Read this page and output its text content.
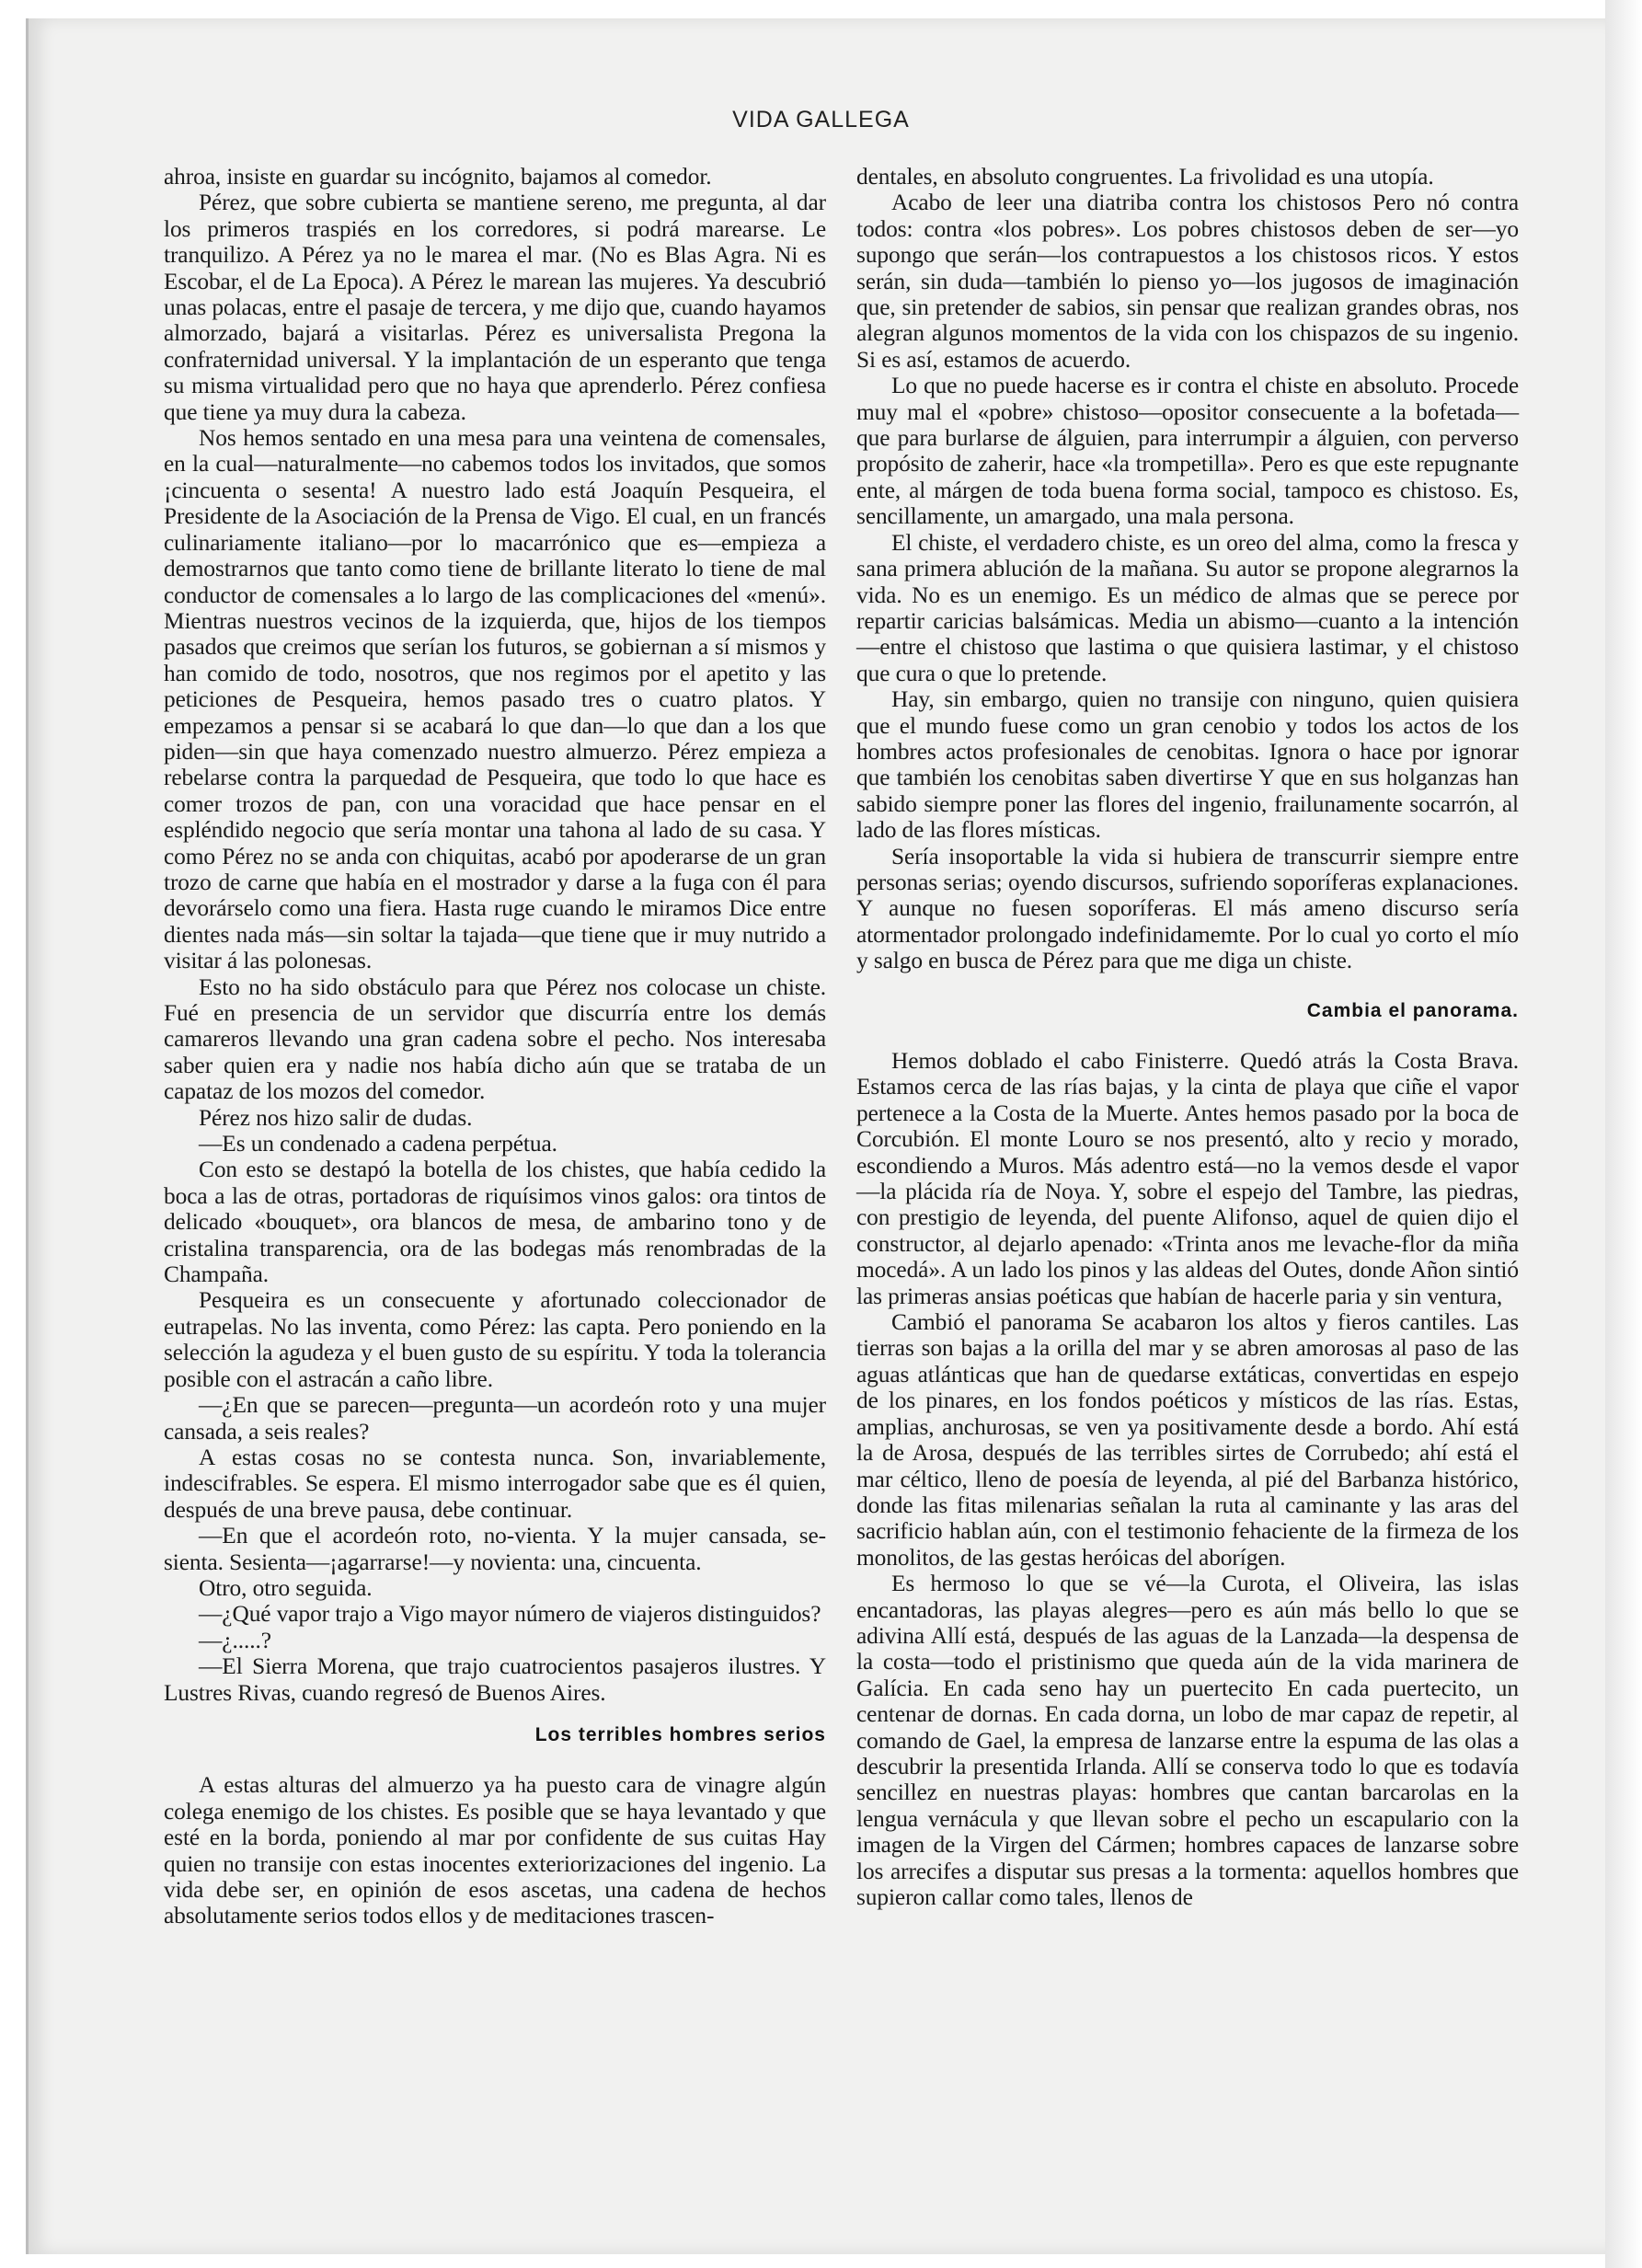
VIDA GALLEGA

ahroa, insiste en guardar su incógnito, bajamos al comedor.

Pérez, que sobre cubierta se mantiene sereno, me pregunta, al dar los primeros traspiés en los corredores, si podrá marearse. Le tranquilizo. A Pérez ya no le marea el mar. (No es Blas Agra. Ni es Escobar, el de La Epoca). A Pérez le marean las mujeres. Ya descubrió unas polacas, entre el pasaje de tercera, y me dijo que, cuando hayamos almorzado, bajará a visitarlas. Pérez es universalista Pregona la confraternidad universal. Y la implantación de un esperanto que tenga su misma virtualidad pero que no haya que aprenderlo. Pérez confiesa que tiene ya muy dura la cabeza.

Nos hemos sentado en una mesa para una veintena de comensales, en la cual—naturalmente—no cabemos todos los invitados, que somos ¡cincuenta o sesenta! A nuestro lado está Joaquín Pesqueira, el Presidente de la Asociación de la Prensa de Vigo. El cual, en un francés culinariamente italiano—por lo macarrónico que es—empieza a demostrarnos que tanto como tiene de brillante literato lo tiene de mal conductor de comensales a lo largo de las complicaciones del «menú». Mientras nuestros vecinos de la izquierda, que, hijos de los tiempos pasados que creimos que serían los futuros, se gobiernan a sí mismos y han comido de todo, nosotros, que nos regimos por el apetito y las peticiones de Pesqueira, hemos pasado tres o cuatro platos. Y empezamos a pensar si se acabará lo que dan—lo que dan a los que piden—sin que haya comenzado nuestro almuerzo. Pérez empieza a rebelarse contra la parquedad de Pesqueira, que todo lo que hace es comer trozos de pan, con una voracidad que hace pensar en el espléndido negocio que sería montar una tahona al lado de su casa. Y como Pérez no se anda con chiquitas, acabó por apoderarse de un gran trozo de carne que había en el mostrador y darse a la fuga con él para devorárselo como una fiera. Hasta ruge cuando le miramos Dice entre dientes nada más—sin soltar la tajada—que tiene que ir muy nutrido a visitar á las polonesas.

Esto no ha sido obstáculo para que Pérez nos colocase un chiste. Fué en presencia de un servidor que discurría entre los demás camareros llevando una gran cadena sobre el pecho. Nos interesaba saber quien era y nadie nos había dicho aún que se trataba de un capataz de los mozos del comedor.

Pérez nos hizo salir de dudas.

—Es un condenado a cadena perpétua.

Con esto se destapó la botella de los chistes, que había cedido la boca a las de otras, portadoras de riquísimos vinos galos: ora tintos de delicado «bouquet», ora blancos de mesa, de ambarino tono y de cristalina transparencia, ora de las bodegas más renombradas de la Champaña.

Pesqueira es un consecuente y afortunado coleccionador de eutrapelas. No las inventa, como Pérez: las capta. Pero poniendo en la selección la agudeza y el buen gusto de su espíritu. Y toda la tolerancia posible con el astracán a caño libre.

—¿En que se parecen—pregunta—un acordeón roto y una mujer cansada, a seis reales?

A estas cosas no se contesta nunca. Son, invariablemente, indescifrables. Se espera. El mismo interrogador sabe que es él quien, después de una breve pausa, debe continuar.

—En que el acordeón roto, no-vienta. Y la mujer cansada, se-sienta. Sesienta—¡agarrarse!—y novienta: una, cincuenta.

Otro, otro seguida.

—¿Qué vapor trajo a Vigo mayor número de viajeros distinguidos?

—¿.....?

—El Sierra Morena, que trajo cuatrocientos pasajeros ilustres. Y Lustres Rivas, cuando regresó de Buenos Aires.

Los terribles hombres serios

A estas alturas del almuerzo ya ha puesto cara de vinagre algún colega enemigo de los chistes. Es posible que se haya levantado y que esté en la borda, poniendo al mar por confidente de sus cuitas Hay quien no transije con estas inocentes exteriorizaciones del ingenio. La vida debe ser, en opinión de esos ascetas, una cadena de hechos absolutamente serios todos ellos y de meditaciones trascen-

dentales, en absoluto congruentes. La frivolidad es una utopía.

Acabo de leer una diatriba contra los chistosos Pero nó contra todos: contra «los pobres». Los pobres chistosos deben de ser—yo supongo que serán—los contrapuestos a los chistosos ricos. Y estos serán, sin duda—también lo pienso yo—los jugosos de imaginación que, sin pretender de sabios, sin pensar que realizan grandes obras, nos alegran algunos momentos de la vida con los chispazos de su ingenio. Si es así, estamos de acuerdo.

Lo que no puede hacerse es ir contra el chiste en absoluto. Procede muy mal el «pobre» chistoso—opositor consecuente a la bofetada—que para burlarse de álguien, para interrumpir a álguien, con perverso propósito de zaherir, hace «la trompetilla». Pero es que este repugnante ente, al márgen de toda buena forma social, tampoco es chistoso. Es, sencillamente, un amargado, una mala persona.

El chiste, el verdadero chiste, es un oreo del alma, como la fresca y sana primera ablución de la mañana. Su autor se propone alegrarnos la vida. No es un enemigo. Es un médico de almas que se perece por repartir caricias balsámicas. Media un abismo—cuanto a la intención—entre el chistoso que lastima o que quisiera lastimar, y el chistoso que cura o que lo pretende.

Hay, sin embargo, quien no transije con ninguno, quien quisiera que el mundo fuese como un gran cenobio y todos los actos de los hombres actos profesionales de cenobitas. Ignora o hace por ignorar que también los cenobitas saben divertirse Y que en sus holganzas han sabido siempre poner las flores del ingenio, frailunamente socarrón, al lado de las flores místicas.

Sería insoportable la vida si hubiera de transcurrir siempre entre personas serias; oyendo discursos, sufriendo soporíferas explanaciones. Y aunque no fuesen soporíferas. El más ameno discurso sería atormentador prolongado indefinidamemte. Por lo cual yo corto el mío y salgo en busca de Pérez para que me diga un chiste.

Cambia el panorama.

Hemos doblado el cabo Finisterre. Quedó atrás la Costa Brava. Estamos cerca de las rías bajas, y la cinta de playa que ciñe el vapor pertenece a la Costa de la Muerte. Antes hemos pasado por la boca de Corcubión. El monte Louro se nos presentó, alto y recio y morado, escondiendo a Muros. Más adentro está—no la vemos desde el vapor—la plácida ría de Noya. Y, sobre el espejo del Tambre, las piedras, con prestigio de leyenda, del puente Alifonso, aquel de quien dijo el constructor, al dejarlo apenado: «Trinta anos me levache-flor da miña mocedá». A un lado los pinos y las aldeas del Outes, donde Añon sintió las primeras ansias poéticas que habían de hacerle paria y sin ventura,

Cambió el panorama Se acabaron los altos y fieros cantiles. Las tierras son bajas a la orilla del mar y se abren amorosas al paso de las aguas atlánticas que han de quedarse extáticas, convertidas en espejo de los pinares, en los fondos poéticos y místicos de las rías. Estas, amplias, anchurosas, se ven ya positivamente desde a bordo. Ahí está la de Arosa, después de las terribles sirtes de Corrubedo; ahí está el mar céltico, lleno de poesía de leyenda, al pié del Barbanza histórico, donde las fitas milenarias señalan la ruta al caminante y las aras del sacrificio hablan aún, con el testimonio fehaciente de la firmeza de los monolitos, de las gestas heróicas del aborígen.

Es hermoso lo que se vé—la Curota, el Oliveira, las islas encantadoras, las playas alegres—pero es aún más bello lo que se adivina Allí está, después de las aguas de la Lanzada—la despensa de la costa—todo el pristinismo que queda aún de la vida marinera de Galícia. En cada seno hay un puertecito En cada puertecito, un centenar de dornas. En cada dorna, un lobo de mar capaz de repetir, al comando de Gael, la empresa de lanzarse entre la espuma de las olas a descubrir la presentida Irlanda. Allí se conserva todo lo que es todavía sencillez en nuestras playas: hombres que cantan barcarolas en la lengua vernácula y que llevan sobre el pecho un escapulario con la imagen de la Virgen del Cármen; hombres capaces de lanzarse sobre los arrecifes a disputar sus presas a la tormenta: aquellos hombres que supieron callar como tales, llenos de
